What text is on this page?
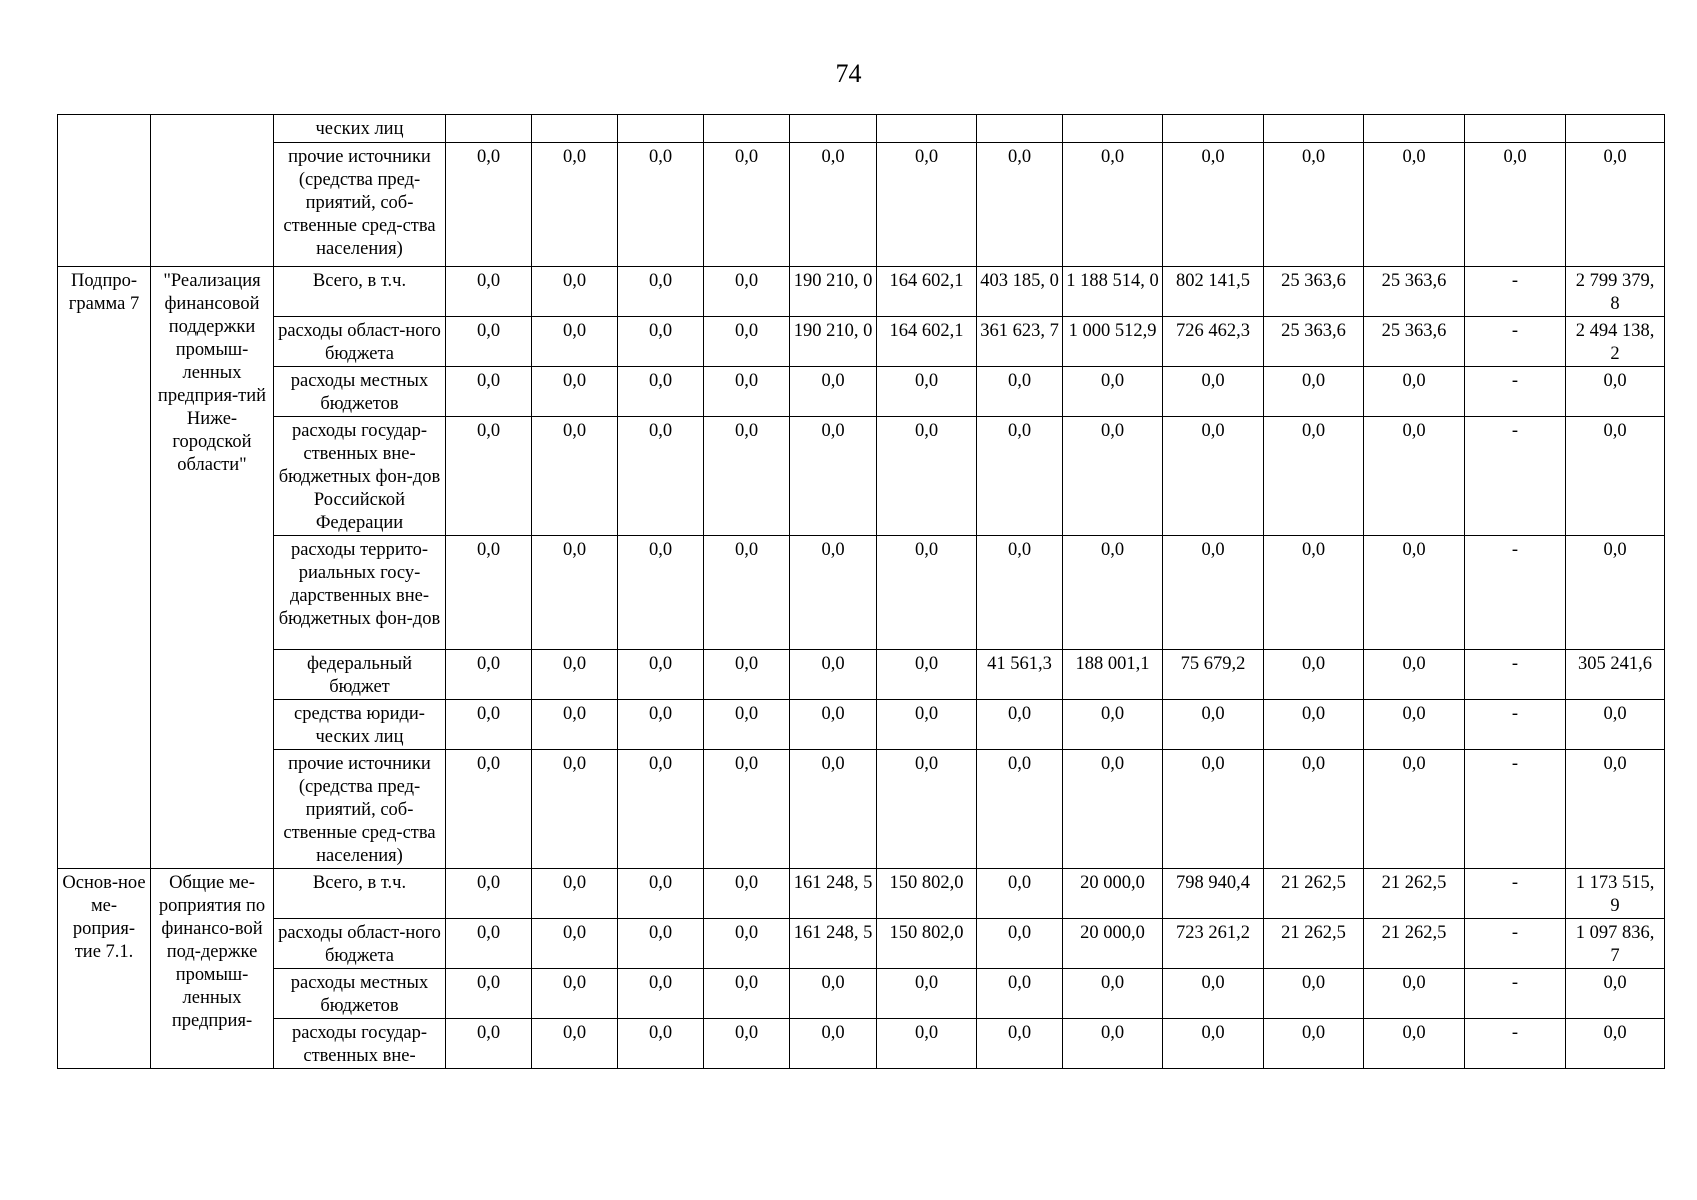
74
		ческих лиц													
		прочие источники (средства пред-приятий, соб-ственные сред-ства населения)	0,0	0,0	0,0	0,0	0,0	0,0	0,0	0,0	0,0	0,0	0,0	0,0	0,0
Подпро-грамма 7	"Реализация финансовой поддержки промыш-ленных предприя-тий Ниже-городской области"	Всего, в т.ч.	0,0	0,0	0,0	0,0	190 210, 0	164 602,1	403 185, 0	1 188 514, 0	802 141,5	25 363,6	25 363,6	-	2 799 379, 8
		расходы област-ного бюджета	0,0	0,0	0,0	0,0	190 210, 0	164 602,1	361 623, 7	1 000 512,9	726 462,3	25 363,6	25 363,6	-	2 494 138, 2
		расходы местных бюджетов	0,0	0,0	0,0	0,0	0,0	0,0	0,0	0,0	0,0	0,0	0,0	-	0,0
		расходы государ-ственных вне-бюджетных фон-дов Российской Федерации	0,0	0,0	0,0	0,0	0,0	0,0	0,0	0,0	0,0	0,0	0,0	-	0,0
		расходы террито-риальных госу-дарственных вне-бюджетных фон-дов	0,0	0,0	0,0	0,0	0,0	0,0	0,0	0,0	0,0	0,0	0,0	-	0,0
		федеральный бюджет	0,0	0,0	0,0	0,0	0,0	0,0	41 561,3	188 001,1	75 679,2	0,0	0,0	-	305 241,6
		средства юриди-ческих лиц	0,0	0,0	0,0	0,0	0,0	0,0	0,0	0,0	0,0	0,0	0,0	-	0,0
		прочие источники (средства пред-приятий, соб-ственные сред-ства населения)	0,0	0,0	0,0	0,0	0,0	0,0	0,0	0,0	0,0	0,0	0,0	-	0,0
Основ-ное ме-роприя-тие 7.1.	Общие ме-роприятия по финансо-вой под-держке промыш-ленных предприя-	Всего, в т.ч.	0,0	0,0	0,0	0,0	161 248, 5	150 802,0	0,0	20 000,0	798 940,4	21 262,5	21 262,5	-	1 173 515, 9
		расходы област-ного бюджета	0,0	0,0	0,0	0,0	161 248, 5	150 802,0	0,0	20 000,0	723 261,2	21 262,5	21 262,5	-	1 097 836, 7
		расходы местных бюджетов	0,0	0,0	0,0	0,0	0,0	0,0	0,0	0,0	0,0	0,0	0,0	-	0,0
		расходы государ-ственных вне-	0,0	0,0	0,0	0,0	0,0	0,0	0,0	0,0	0,0	0,0	0,0	-	0,0
